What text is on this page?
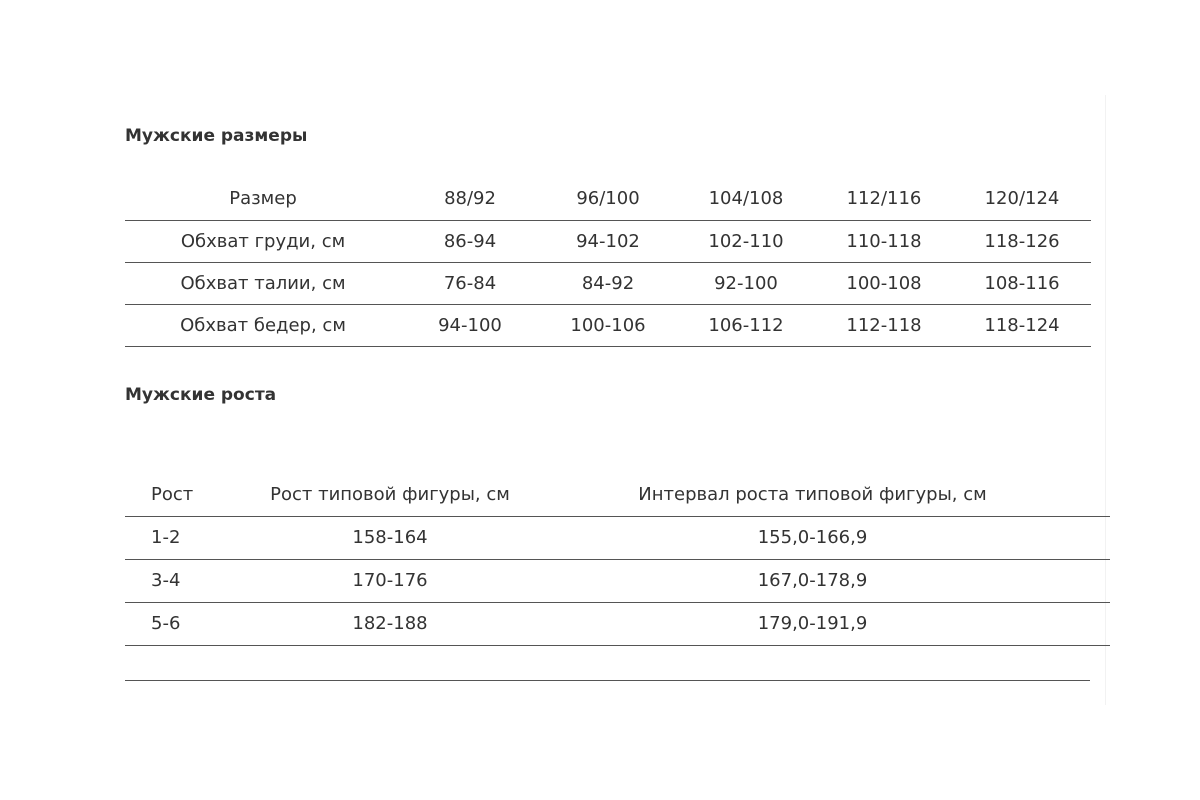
Мужские размеры
Размер	88/92	96/100	104/108	112/116	120/124
Обхват груди, см	86-94	94-102	102-110	110-118	118-126
Обхват талии, см	76-84	84-92	92-100	100-108	108-116
Обхват бедер, см	94-100	100-106	106-112	112-118	118-124
Мужские роста
Рост	Рост типовой фигуры, см	Интервал роста типовой фигуры, см
1-2	158-164	155,0-166,9
3-4	170-176	167,0-178,9
5-6	182-188	179,0-191,9
